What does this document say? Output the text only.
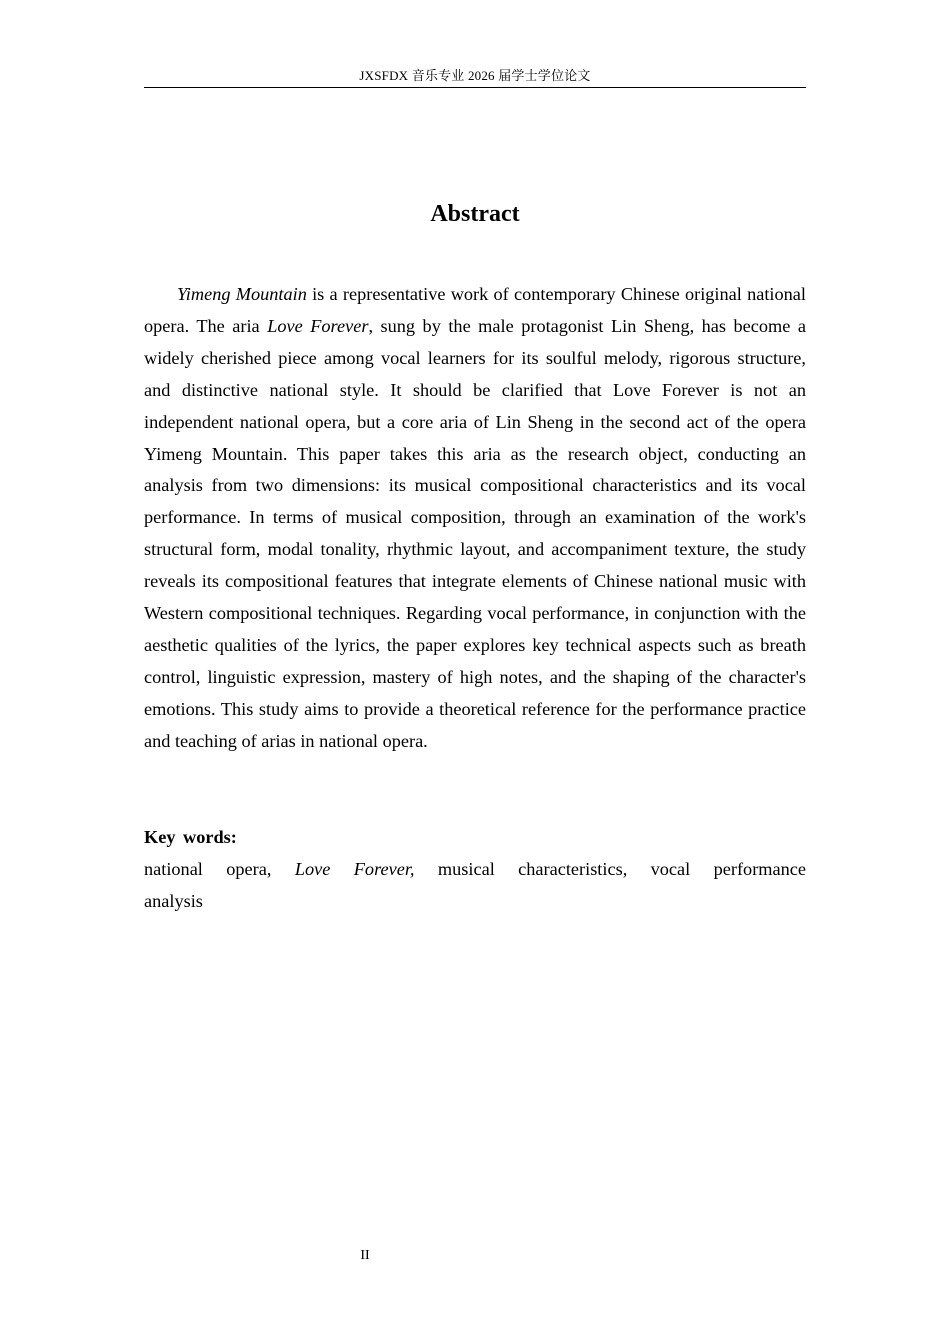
JXSFDX 音乐专业 2026 届学士学位论文
Abstract

Yimeng Mountain is a representative work of contemporary Chinese original national opera. The aria Love Forever, sung by the male protagonist Lin Sheng, has become a widely cherished piece among vocal learners for its soulful melody, rigorous structure, and distinctive national style. It should be clarified that Love Forever is not an independent national opera, but a core aria of Lin Sheng in the second act of the opera Yimeng Mountain. This paper takes this aria as the research object, conducting an analysis from two dimensions: its musical compositional characteristics and its vocal performance. In terms of musical composition, through an examination of the work's structural form, modal tonality, rhythmic layout, and accompaniment texture, the study reveals its compositional features that integrate elements of Chinese national music with Western compositional techniques. Regarding vocal performance, in conjunction with the aesthetic qualities of the lyrics, the paper explores key technical aspects such as breath control, linguistic expression, mastery of high notes, and the shaping of the character's emotions. This study aims to provide a theoretical reference for the performance practice and teaching of arias in national opera.

Key words:

national opera, Love Forever, musical characteristics, vocal performance analysis

II
